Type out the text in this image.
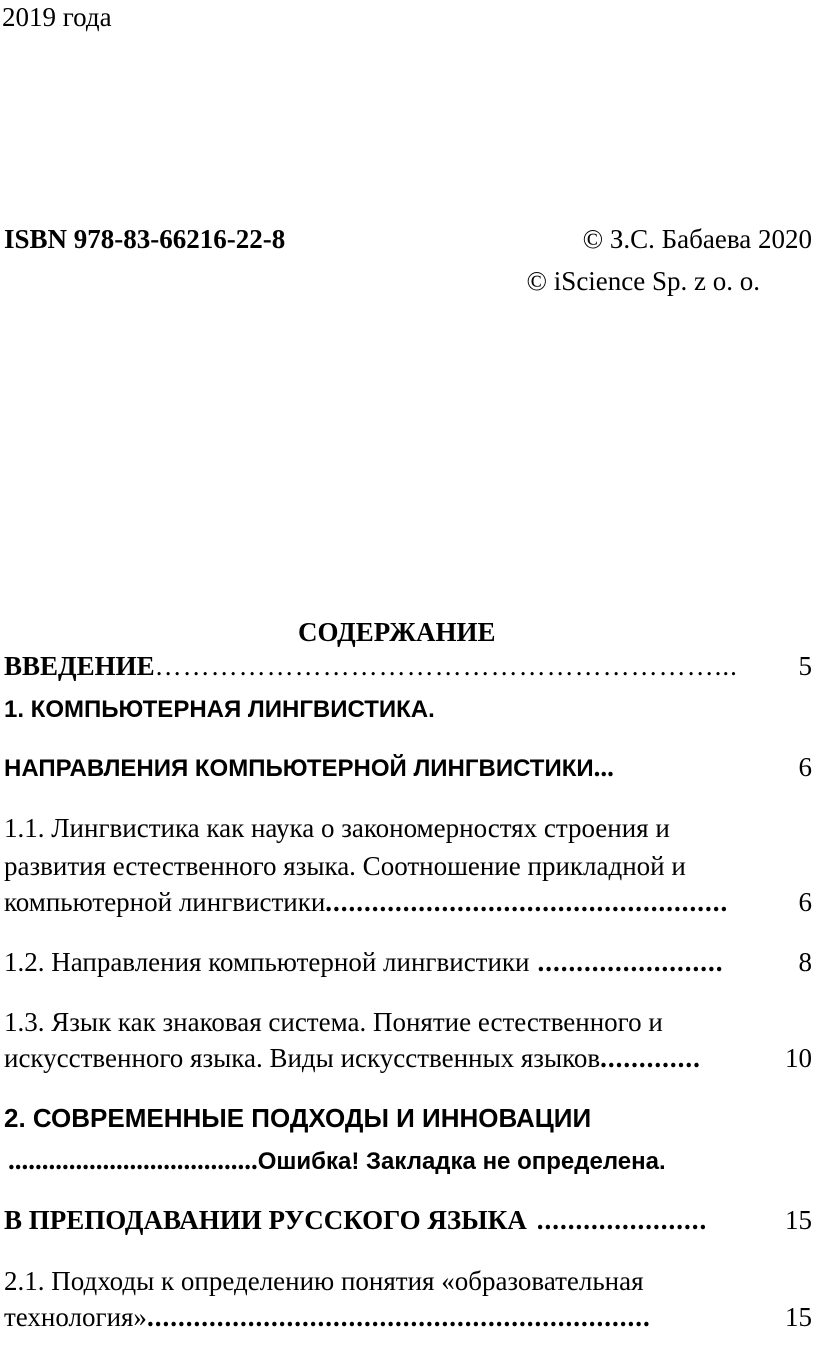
2019 года
ISBN 978-83-66216-22-8	© З.С. Бабаева 2020
© iScience Sp. z o. o.
СОДЕРЖАНИЕ
ВВЕДЕНИЕ ……………………………………………………...	5
1. КОМПЬЮТЕРНАЯ ЛИНГВИСТИКА.
НАПРАВЛЕНИЯ КОМПЬЮТЕРНОЙ ЛИНГВИСТИКИ ...	6
1.1. Лингвистика как наука о закономерностях строения и
развития естественного языка. Соотношение прикладной и
компьютерной лингвистики ....................................................	6
1.2. Направления компьютерной лингвистики ........................	8
1.3. Язык как знаковая система. Понятие естественного и
искусственного языка. Виды искусственных языков .............	10
2. СОВРЕМЕННЫЕ ПОДХОДЫ И ИННОВАЦИИ
..................................... Ошибка! Закладка не определена.
В ПРЕПОДАВАНИИ РУССКОГО ЯЗЫКА ......................	15
2.1. Подходы к определению понятия «образовательная
технология» .................................................................	15
